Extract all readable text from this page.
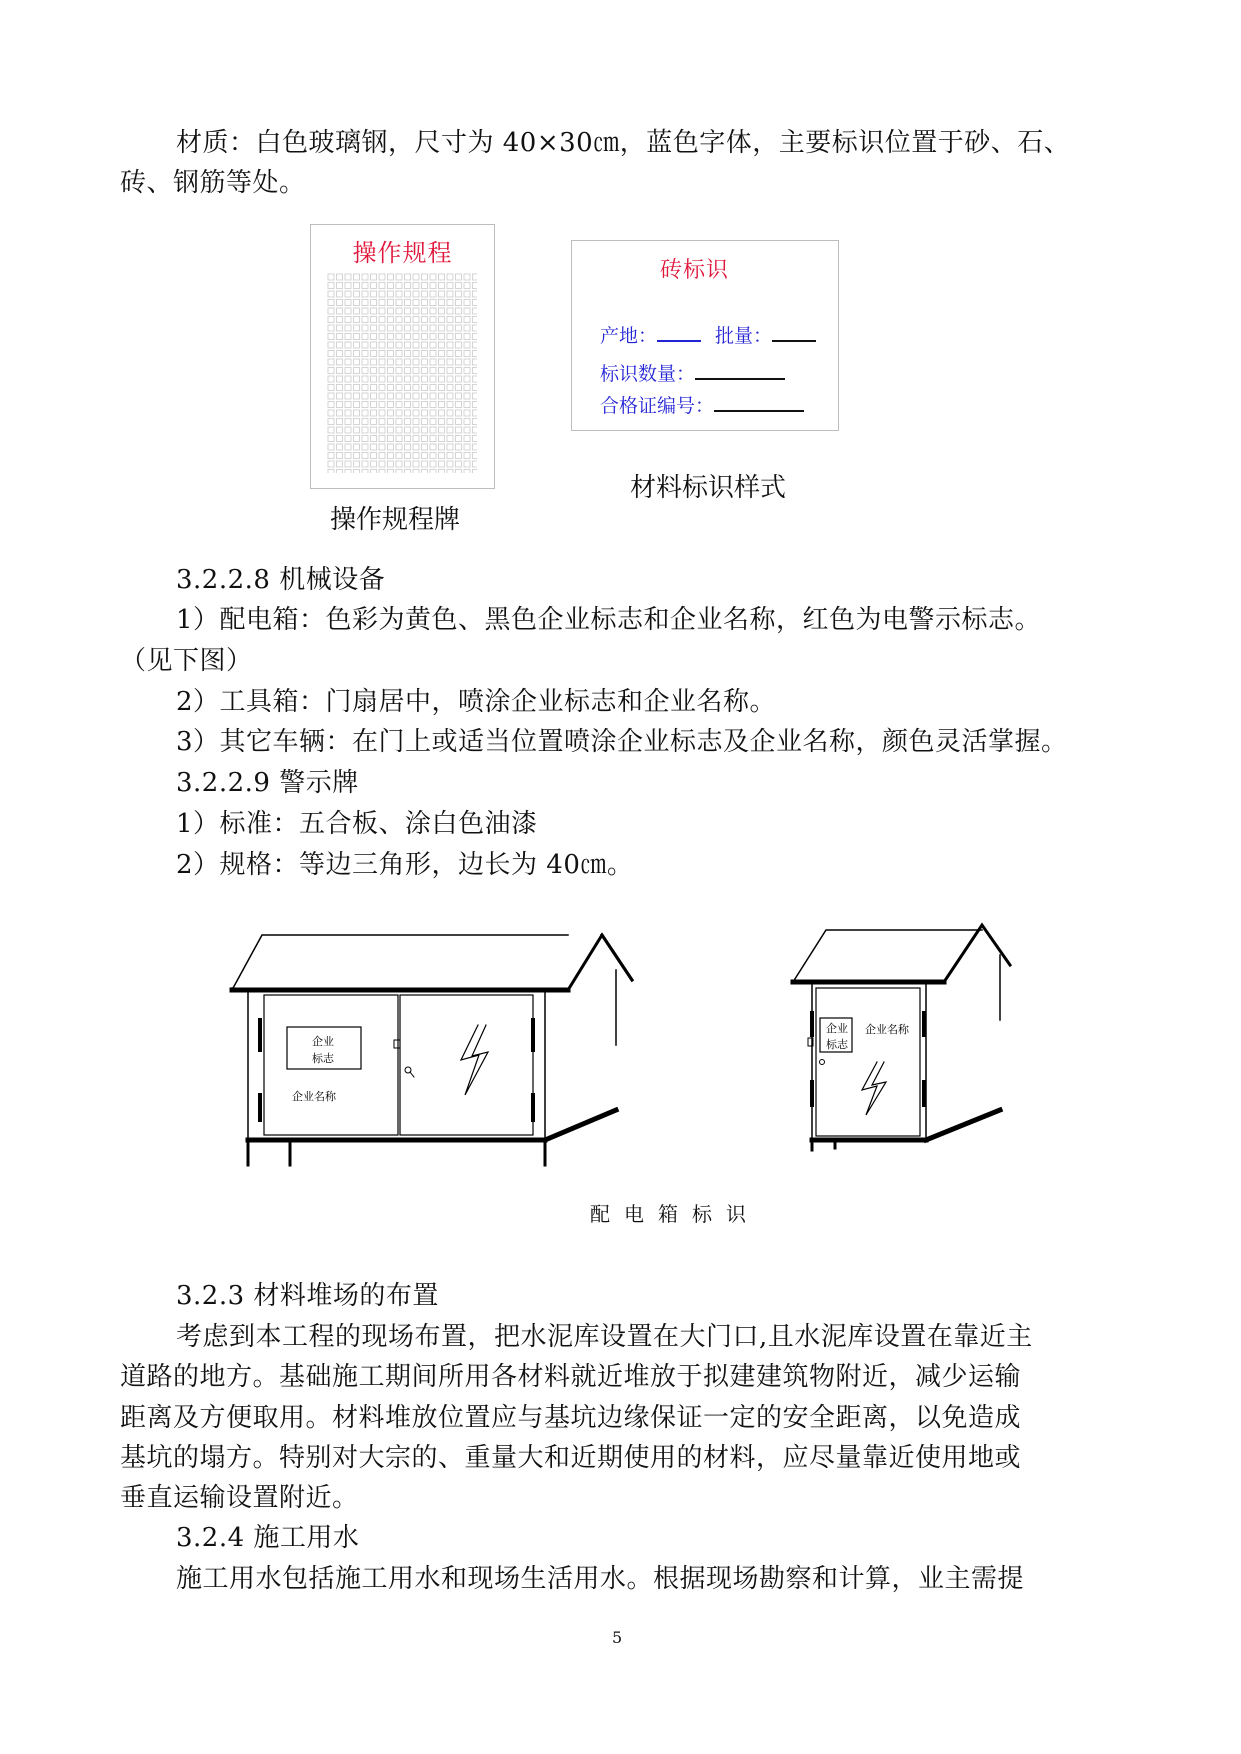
材质：白色玻璃钢，尺寸为 40×30㎝，蓝色字体，主要标识位置于砂、石、
砖、钢筋等处。
操作规程
操作规程牌
砖标识
产地：	批量：
标识数量：
合格证编号：
材料标识样式
3.2.2.8 机械设备
1）配电箱：色彩为黄色、黑色企业标志和企业名称，红色为电警示标志。
（见下图）
2）工具箱：门扇居中，喷涂企业标志和企业名称。
3）其它车辆：在门上或适当位置喷涂企业标志及企业名称，颜色灵活掌握。
3.2.2.9 警示牌
1）标准：五合板、涂白色油漆
2）规格：等边三角形，边长为 40㎝。
企业
标志
企业名称
企业
标志
企业名称
配电箱标识
3.2.3 材料堆场的布置
考虑到本工程的现场布置，把水泥库设置在大门口,且水泥库设置在靠近主
道路的地方。基础施工期间所用各材料就近堆放于拟建建筑物附近，减少运输
距离及方便取用。材料堆放位置应与基坑边缘保证一定的安全距离，以免造成
基坑的塌方。特别对大宗的、重量大和近期使用的材料，应尽量靠近使用地或
垂直运输设置附近。
3.2.4 施工用水
施工用水包括施工用水和现场生活用水。根据现场勘察和计算，业主需提
5
